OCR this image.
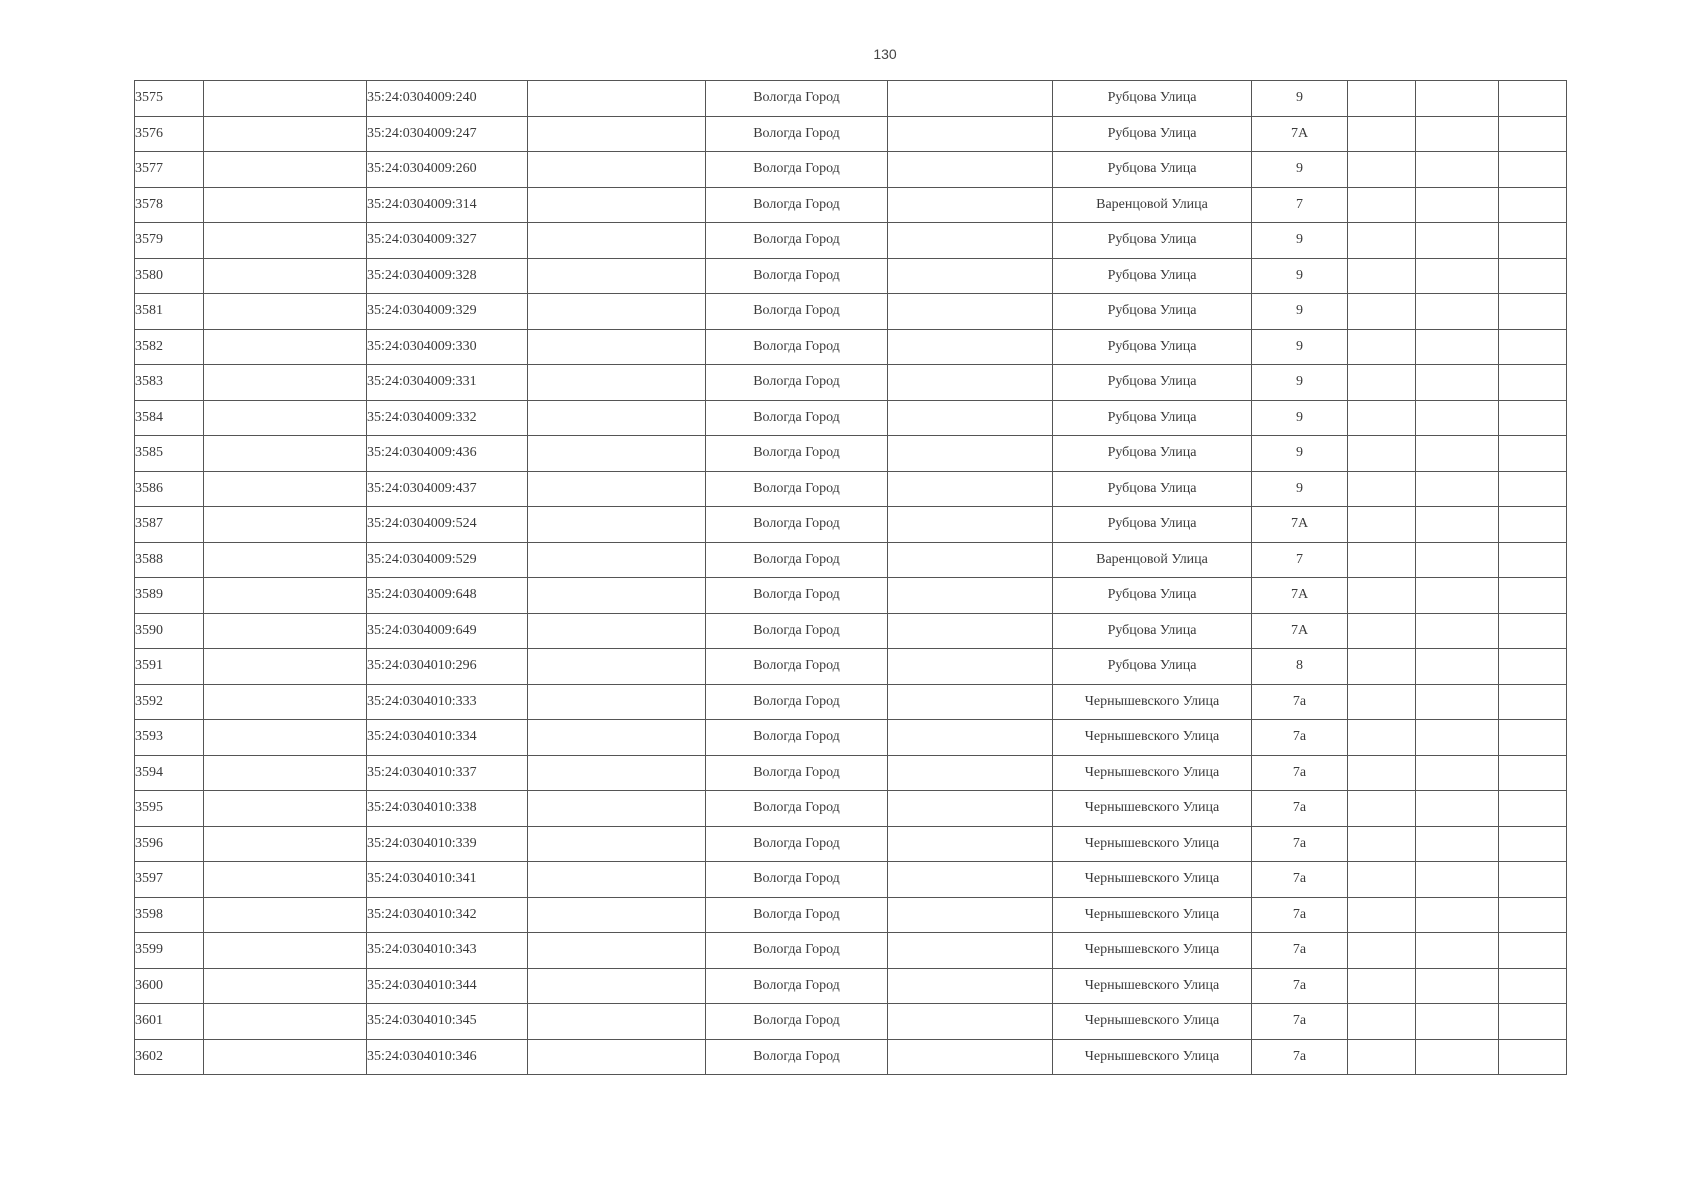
130
3575		35:24:0304009:240		Вологда Город		Рубцова Улица	9			
3576		35:24:0304009:247		Вологда Город		Рубцова Улица	7А			
3577		35:24:0304009:260		Вологда Город		Рубцова Улица	9			
3578		35:24:0304009:314		Вологда Город		Варенцовой Улица	7			
3579		35:24:0304009:327		Вологда Город		Рубцова Улица	9			
3580		35:24:0304009:328		Вологда Город		Рубцова Улица	9			
3581		35:24:0304009:329		Вологда Город		Рубцова Улица	9			
3582		35:24:0304009:330		Вологда Город		Рубцова Улица	9			
3583		35:24:0304009:331		Вологда Город		Рубцова Улица	9			
3584		35:24:0304009:332		Вологда Город		Рубцова Улица	9			
3585		35:24:0304009:436		Вологда Город		Рубцова Улица	9			
3586		35:24:0304009:437		Вологда Город		Рубцова Улица	9			
3587		35:24:0304009:524		Вологда Город		Рубцова Улица	7А			
3588		35:24:0304009:529		Вологда Город		Варенцовой Улица	7			
3589		35:24:0304009:648		Вологда Город		Рубцова Улица	7А			
3590		35:24:0304009:649		Вологда Город		Рубцова Улица	7А			
3591		35:24:0304010:296		Вологда Город		Рубцова Улица	8			
3592		35:24:0304010:333		Вологда Город		Чернышевского Улица	7а			
3593		35:24:0304010:334		Вологда Город		Чернышевского Улица	7а			
3594		35:24:0304010:337		Вологда Город		Чернышевского Улица	7а			
3595		35:24:0304010:338		Вологда Город		Чернышевского Улица	7а			
3596		35:24:0304010:339		Вологда Город		Чернышевского Улица	7а			
3597		35:24:0304010:341		Вологда Город		Чернышевского Улица	7а			
3598		35:24:0304010:342		Вологда Город		Чернышевского Улица	7а			
3599		35:24:0304010:343		Вологда Город		Чернышевского Улица	7а			
3600		35:24:0304010:344		Вологда Город		Чернышевского Улица	7а			
3601		35:24:0304010:345		Вологда Город		Чернышевского Улица	7а			
3602		35:24:0304010:346		Вологда Город		Чернышевского Улица	7а			
